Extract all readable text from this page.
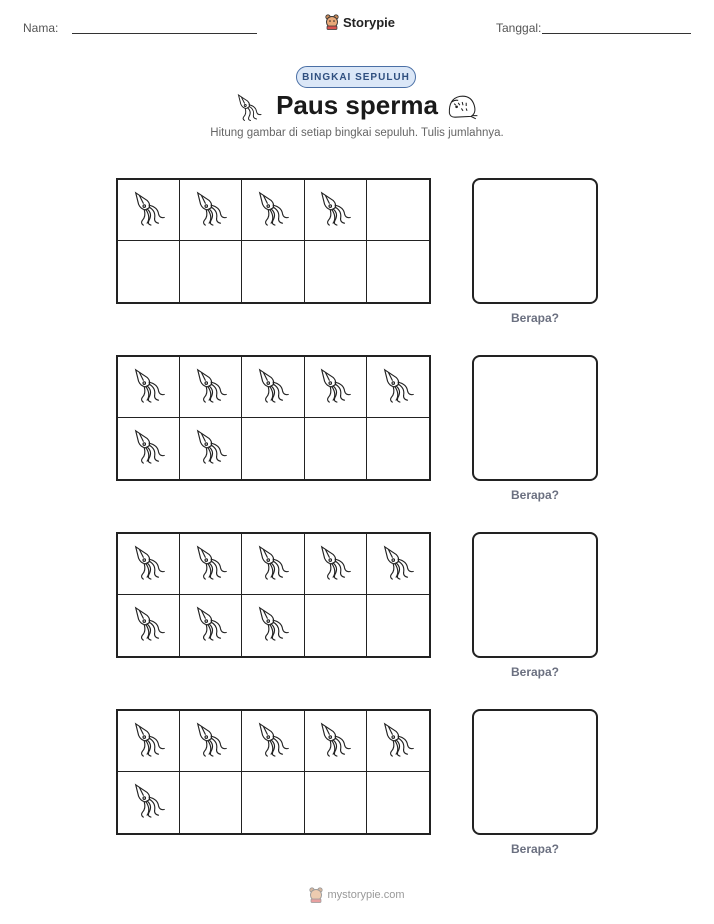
Nama:	Storypie	Tanggal:
BINGKAI SEPULUH
Paus sperma
Hitung gambar di setiap bingkai sepuluh. Tulis jumlahnya.
Berapa?
Berapa?
Berapa?
Berapa?
mystorypie.com
